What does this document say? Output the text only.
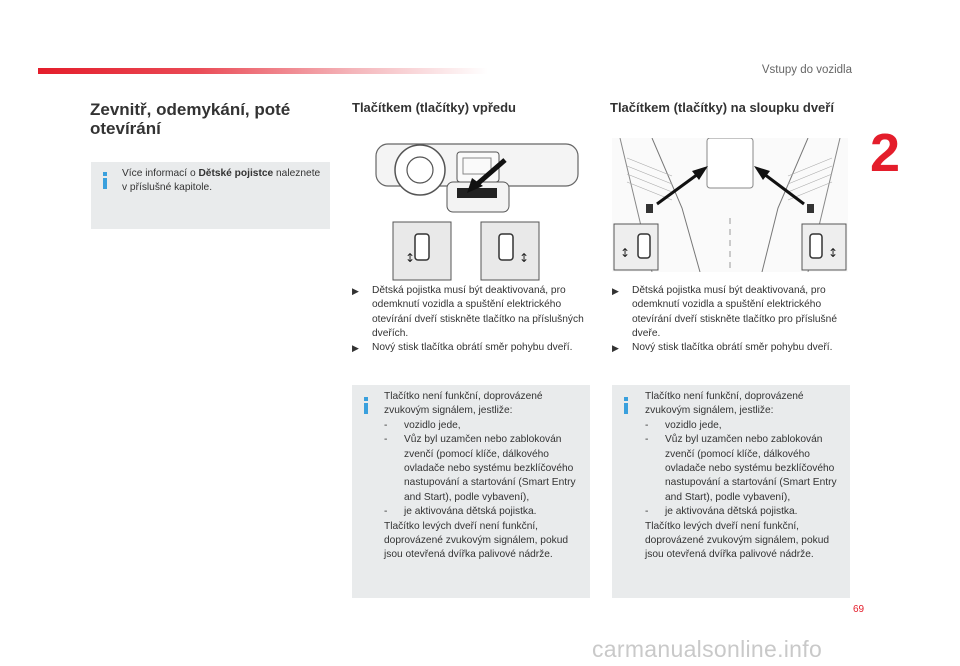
Vstupy do vozidla
2
Zevnitř, odemykání, poté otevírání
Více informací o Dětské pojistce naleznete v příslušné kapitole.
Tlačítkem (tlačítky) vpředu
↕	↕
▶ Dětská pojistka musí být deaktivovaná, pro odemknutí vozidla a spuštění elektrického otevírání dveří stiskněte tlačítko na příslušných dveřích.
▶ Nový stisk tlačítka obrátí směr pohybu dveří.
Tlačítko není funkční, doprovázené zvukovým signálem, jestliže:
- vozidlo jede,
- Vůz byl uzamčen nebo zablokován zvenčí (pomocí klíče, dálkového ovladače nebo systému bezklíčového nastupování a startování (Smart Entry and Start), podle vybavení),
- je aktivována dětská pojistka.
Tlačítko levých dveří není funkční, doprovázené zvukovým signálem, pokud jsou otevřená dvířka palivové nádrže.
Tlačítkem (tlačítky) na sloupku dveří
↕	↕
▶ Dětská pojistka musí být deaktivovaná, pro odemknutí vozidla a spuštění elektrického otevírání dveří stiskněte tlačítko pro příslušné dveře.
▶ Nový stisk tlačítka obrátí směr pohybu dveří.
Tlačítko není funkční, doprovázené zvukovým signálem, jestliže:
- vozidlo jede,
- Vůz byl uzamčen nebo zablokován zvenčí (pomocí klíče, dálkového ovladače nebo systému bezklíčového nastupování a startování (Smart Entry and Start), podle vybavení),
- je aktivována dětská pojistka.
Tlačítko levých dveří není funkční, doprovázené zvukovým signálem, pokud jsou otevřená dvířka palivové nádrže.
69
carmanualsonline.info
